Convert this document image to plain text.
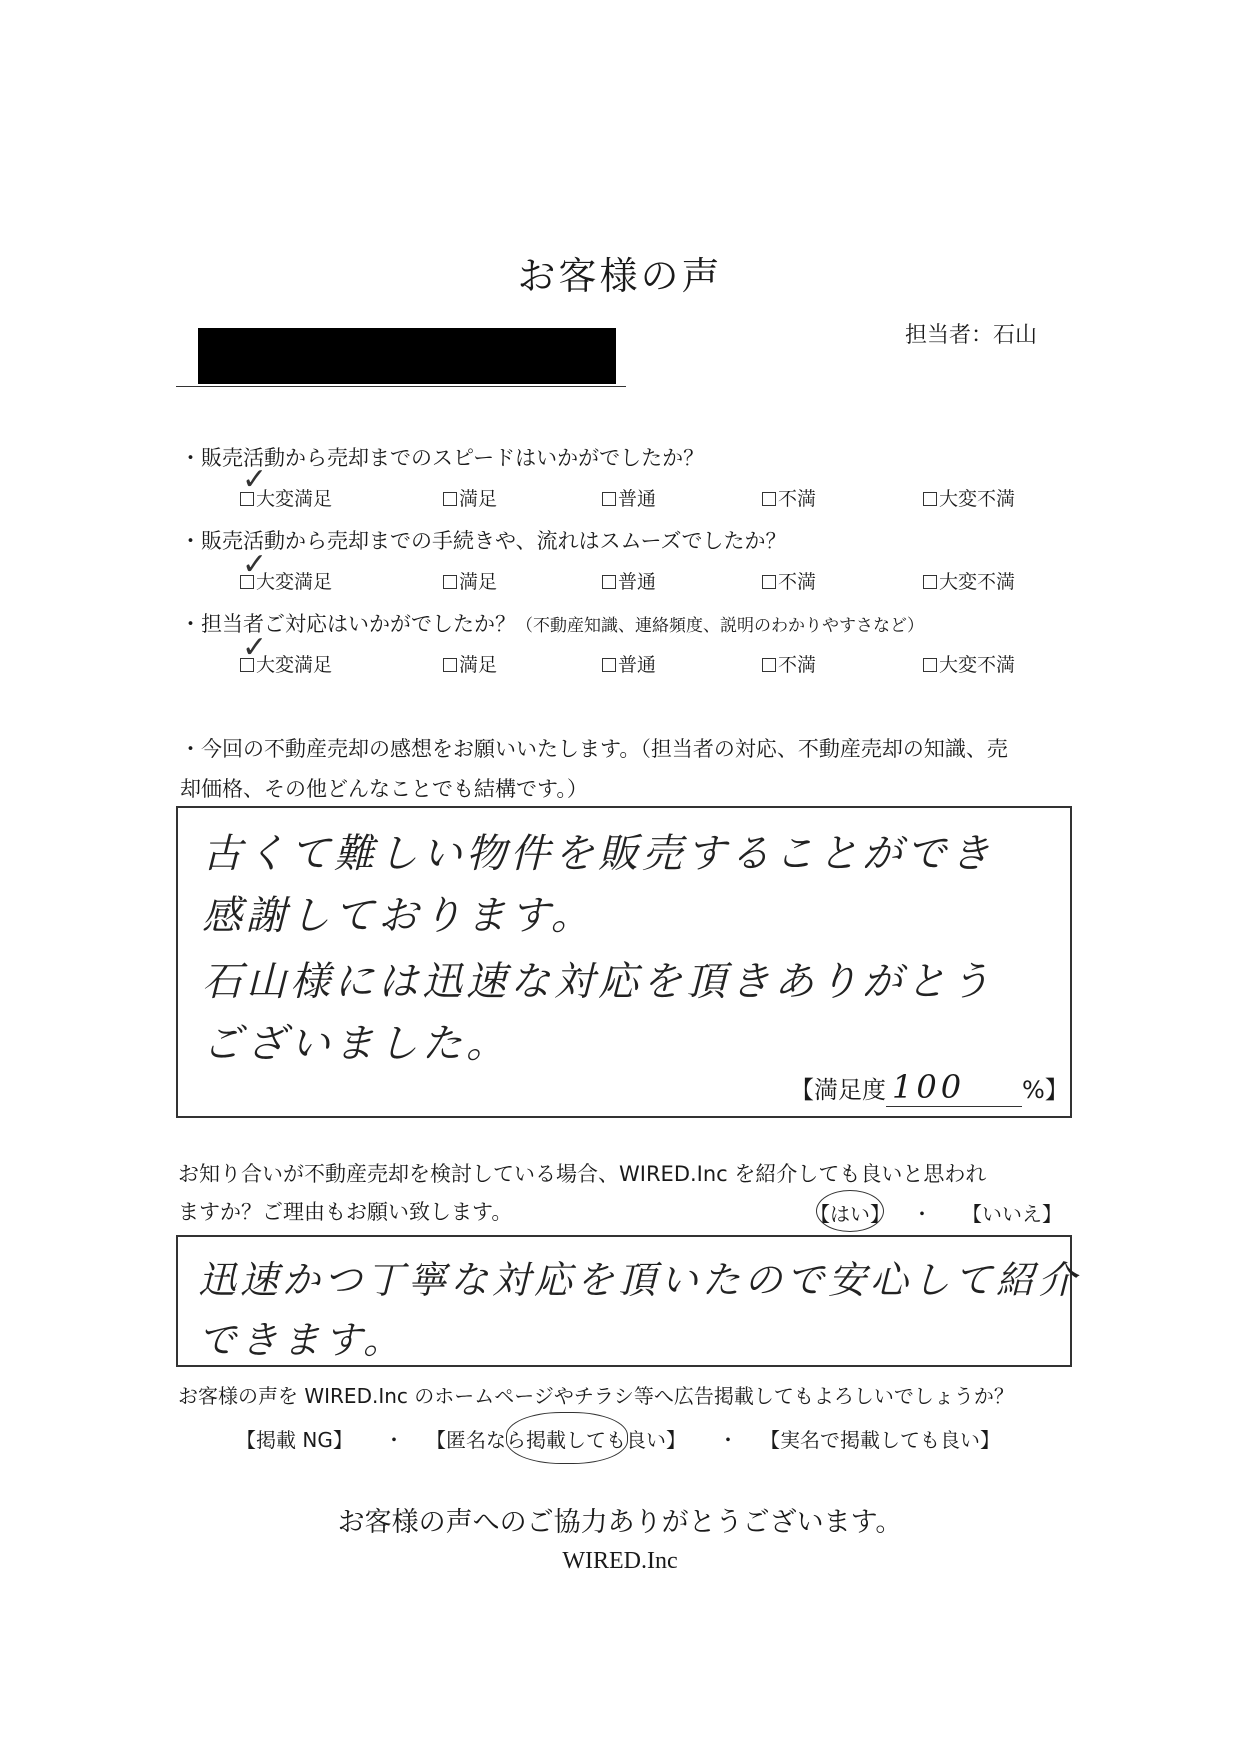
お客様の声
担当者：石山
・販売活動から売却までのスピードはいかがでしたか？
大変満足	満足	普通	不満	大変不満
✓
・販売活動から売却までの手続きや、流れはスムーズでしたか？
大変満足	満足	普通	不満	大変不満
✓
・担当者ご対応はいかがでしたか？（不動産知識、連絡頻度、説明のわかりやすさなど）
大変満足	満足	普通	不満	大変不満
✓
・今回の不動産売却の感想をお願いいたします。（担当者の対応、不動産売却の知識、売
却価格、その他どんなことでも結構です。）
古くて難しい物件を販売することができ
感謝しております。
石山様には迅速な対応を頂きありがとう
ございました。
【満足度 100 %】
お知り合いが不動産売却を検討している場合、WIRED.Inc を紹介しても良いと思われ
ますか？ご理由もお願い致します。	【はい】 ・ 【いいえ】
迅速かつ丁寧な対応を頂いたので安心して紹介
できます。
お客様の声を WIRED.Inc のホームページやチラシ等へ広告掲載してもよろしいでしょうか？
【掲載 NG】 ・ 【匿名なら掲載しても良い】 ・ 【実名で掲載しても良い】
お客様の声へのご協力ありがとうございます。
WIRED.Inc
